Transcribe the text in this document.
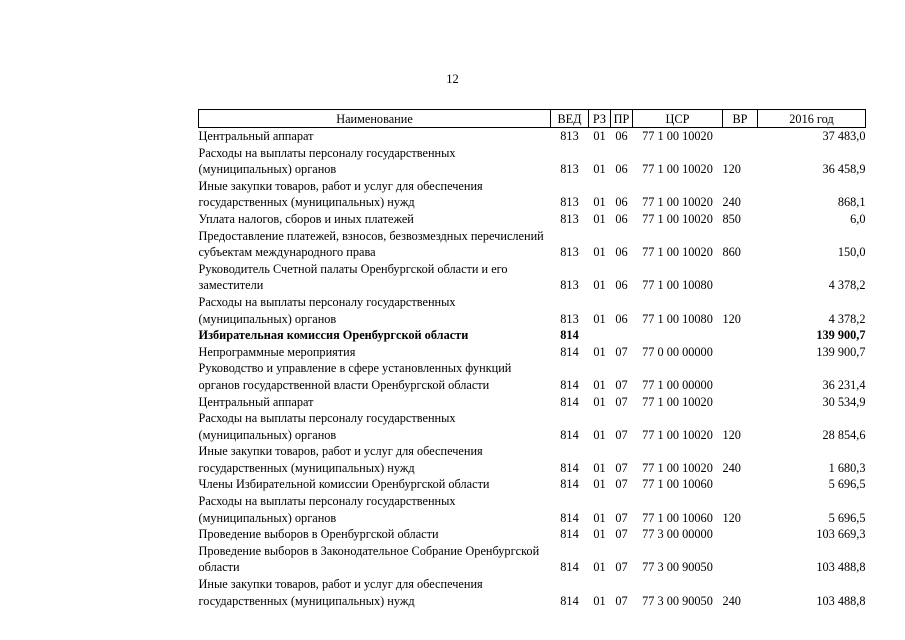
12
Наименование	ВЕД	РЗ	ПР	ЦСР	ВР	2016 год
Центральный аппарат	813	01	06	77 1 00 10020		37 483,0
Расходы на выплаты персоналу государственных (муниципальных) органов	813	01	06	77 1 00 10020	120	36 458,9
Иные закупки товаров, работ и услуг для обеспечения государственных (муниципальных) нужд	813	01	06	77 1 00 10020	240	868,1
Уплата налогов, сборов и иных платежей	813	01	06	77 1 00 10020	850	6,0
Предоставление платежей, взносов, безвозмездных перечислений субъектам международного права	813	01	06	77 1 00 10020	860	150,0
Руководитель Счетной палаты Оренбургской области и его заместители	813	01	06	77 1 00 10080		4 378,2
Расходы на выплаты персоналу государственных (муниципальных) органов	813	01	06	77 1 00 10080	120	4 378,2
Избирательная комиссия Оренбургской области	814					139 900,7
Непрограммные мероприятия	814	01	07	77 0 00 00000		139 900,7
Руководство и управление в сфере установленных функций органов государственной власти Оренбургской области	814	01	07	77 1 00 00000		36 231,4
Центральный аппарат	814	01	07	77 1 00 10020		30 534,9
Расходы на выплаты персоналу государственных (муниципальных) органов	814	01	07	77 1 00 10020	120	28 854,6
Иные закупки товаров, работ и услуг для обеспечения государственных (муниципальных) нужд	814	01	07	77 1 00 10020	240	1 680,3
Члены Избирательной комиссии Оренбургской области	814	01	07	77 1 00 10060		5 696,5
Расходы на выплаты персоналу государственных (муниципальных) органов	814	01	07	77 1 00 10060	120	5 696,5
Проведение выборов в Оренбургской области	814	01	07	77 3 00 00000		103 669,3
Проведение выборов в Законодательное Собрание Оренбургской области	814	01	07	77 3 00 90050		103 488,8
Иные закупки товаров, работ и услуг для обеспечения государственных (муниципальных) нужд	814	01	07	77 3 00 90050	240	103 488,8
